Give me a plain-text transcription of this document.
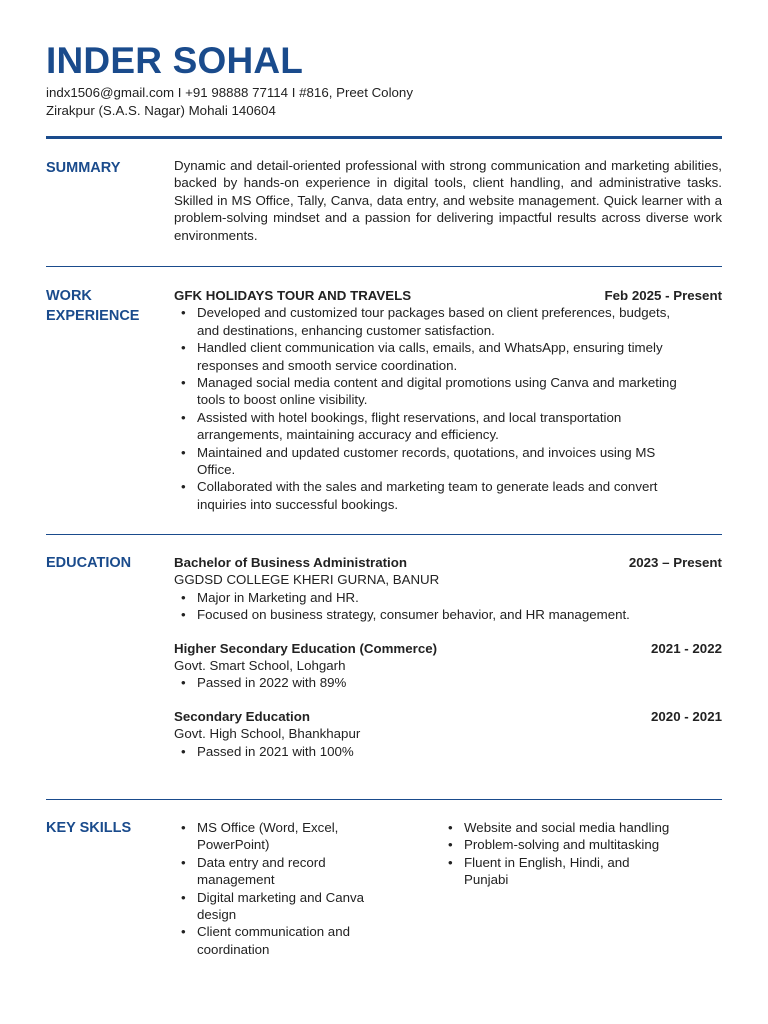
INDER SOHAL
indx1506@gmail.com I +91 98888 77114 I #816, Preet Colony
Zirakpur (S.A.S. Nagar) Mohali 140604
SUMMARY	Dynamic and detail-oriented professional with strong communication and marketing abilities, backed by hands-on experience in digital tools, client handling, and administrative tasks. Skilled in MS Office, Tally, Canva, data entry, and website management. Quick learner with a problem-solving mindset and a passion for delivering impactful results across diverse work environments.

WORK
EXPERIENCE
GFK HOLIDAYS TOUR AND TRAVELS	Feb 2025 - Present
• Developed and customized tour packages based on client preferences, budgets, and destinations, enhancing customer satisfaction.
• Handled client communication via calls, emails, and WhatsApp, ensuring timely responses and smooth service coordination.
• Managed social media content and digital promotions using Canva and marketing tools to boost online visibility.
• Assisted with hotel bookings, flight reservations, and local transportation arrangements, maintaining accuracy and efficiency.
• Maintained and updated customer records, quotations, and invoices using MS Office.
• Collaborated with the sales and marketing team to generate leads and convert inquiries into successful bookings.
EDUCATION	Bachelor of Business Administration	2023 – Present
GGDSD COLLEGE KHERI GURNA, BANUR
• Major in Marketing and HR.
• Focused on business strategy, consumer behavior, and HR management.
Higher Secondary Education (Commerce)	2021 - 2022
Govt. Smart School, Lohgarh
• Passed in 2022 with 89%
Secondary Education	2020 - 2021
Govt. High School, Bhankhapur
• Passed in 2021 with 100%
KEY SKILLS
•	MS Office (Word, Excel, PowerPoint)
• Data entry and record management
• Digital marketing and Canva design
• Client communication and coordination
• Website and social media handling
• Problem-solving and multitasking
• Fluent in English, Hindi, and Punjabi
